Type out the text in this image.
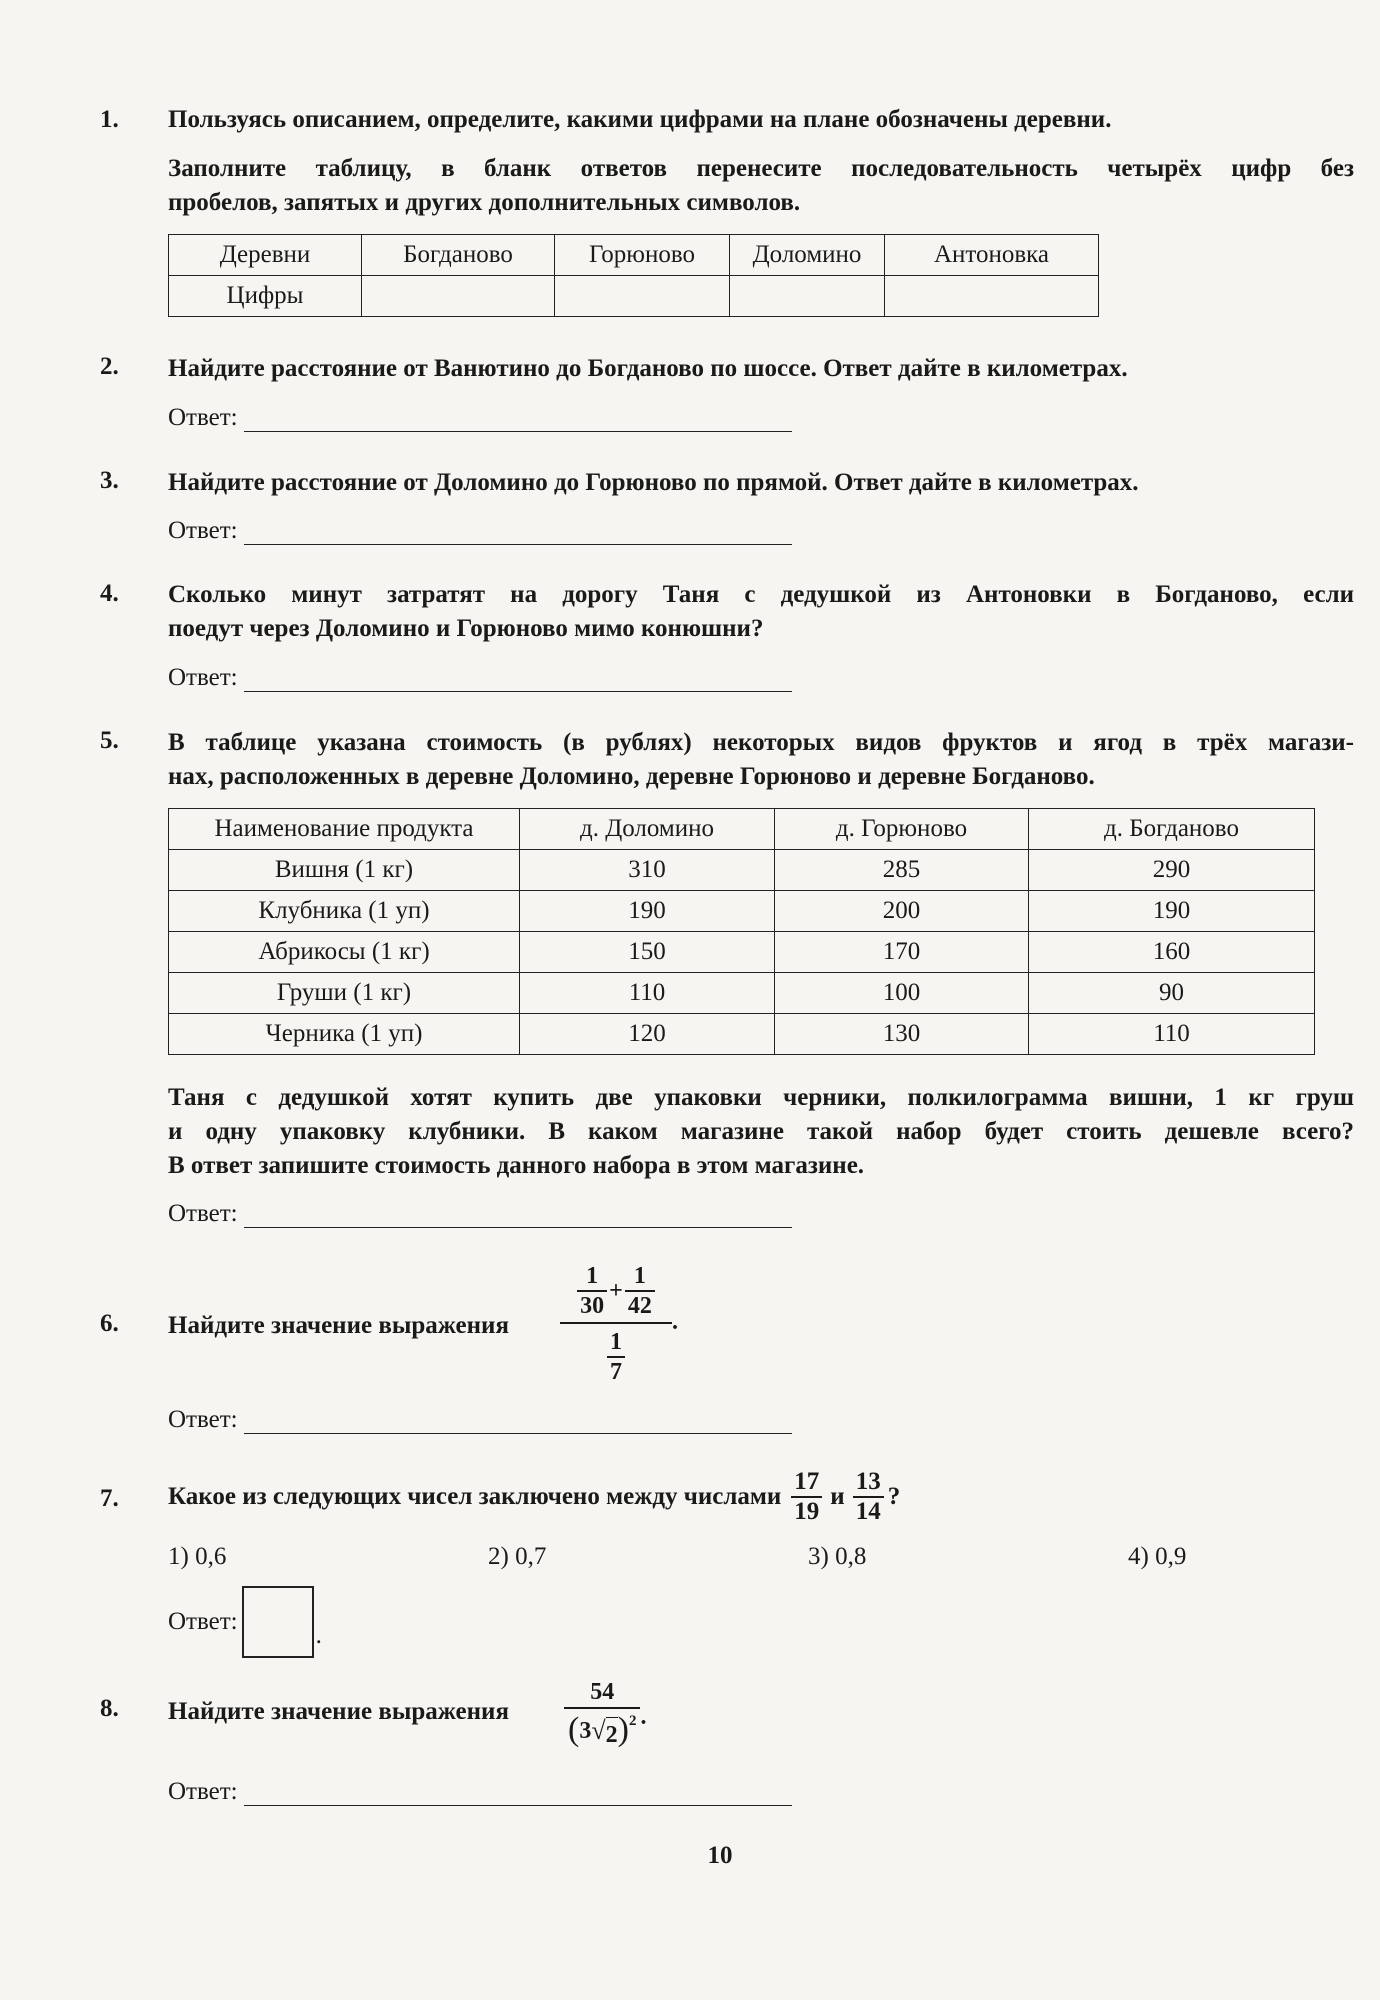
1. Пользуясь описанием, определите, какими цифрами на плане обозначены деревни.
Заполните таблицу, в бланк ответов перенесите последовательность четырёх цифр без
пробелов, запятых и других дополнительных символов.
Деревни	Богданово	Горюново	Доломино	Антоновка
Цифры				
2. Найдите расстояние от Ванютино до Богданово по шоссе. Ответ дайте в километрах.
Ответ:
3. Найдите расстояние от Доломино до Горюново по прямой. Ответ дайте в километрах.
Ответ:
4. Сколько минут затратят на дорогу Таня с дедушкой из Антоновки в Богданово, если
поедут через Доломино и Горюново мимо конюшни?
Ответ:
5. В таблице указана стоимость (в рублях) некоторых видов фруктов и ягод в трёх магази-
нах, расположенных в деревне Доломино, деревне Горюново и деревне Богданово.
Наименование продукта	д. Доломино	д. Горюново	д. Богданово
Вишня (1 кг)	310	285	290
Клубника (1 уп)	190	200	190
Абрикосы (1 кг)	150	170	160
Груши (1 кг)	110	100	90
Черника (1 уп)	120	130	110
Таня с дедушкой хотят купить две упаковки черники, полкилограмма вишни, 1 кг груш
и одну упаковку клубники. В каком магазине такой набор будет стоить дешевле всего?
В ответ запишите стоимость данного набора в этом магазине.
Ответ:
6. Найдите значение выражения
$\frac{1}{30} + \frac{1}{42}$
$\frac{1}{7}$
.
Ответ:
7. Какое из следующих чисел заключено между числами $\frac{17}{19}$ и $\frac{13}{14}$ ?
1) 0,6	2) 0,7	3) 0,8	4) 0,9
Ответ:
.
8. Найдите значение выражения
54
( 3 √ 2 ) 2 .
Ответ:
10
